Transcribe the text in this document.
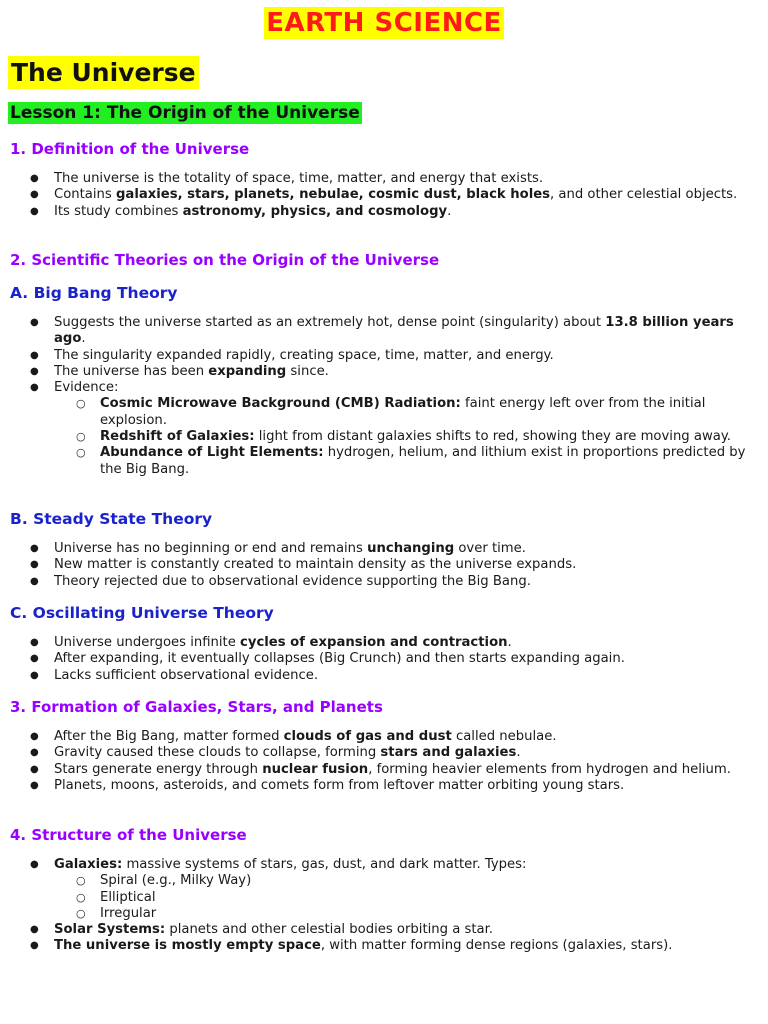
EARTH SCIENCE
The Universe
Lesson 1: The Origin of the Universe
1. Definition of the Universe
● The universe is the totality of space, time, matter, and energy that exists.
● Contains galaxies, stars, planets, nebulae, cosmic dust, black holes, and other celestial objects.
● Its study combines astronomy, physics, and cosmology.
2. Scientific Theories on the Origin of the Universe
A. Big Bang Theory
● Suggests the universe started as an extremely hot, dense point (singularity) about 13.8 billion years ago.
● The singularity expanded rapidly, creating space, time, matter, and energy.
● The universe has been expanding since.
● Evidence:
○ Cosmic Microwave Background (CMB) Radiation: faint energy left over from the initial explosion.
○ Redshift of Galaxies: light from distant galaxies shifts to red, showing they are moving away.
○ Abundance of Light Elements: hydrogen, helium, and lithium exist in proportions predicted by the Big Bang.
B. Steady State Theory
● Universe has no beginning or end and remains unchanging over time.
● New matter is constantly created to maintain density as the universe expands.
● Theory rejected due to observational evidence supporting the Big Bang.
C. Oscillating Universe Theory
● Universe undergoes infinite cycles of expansion and contraction.
● After expanding, it eventually collapses (Big Crunch) and then starts expanding again.
● Lacks sufficient observational evidence.
3. Formation of Galaxies, Stars, and Planets
● After the Big Bang, matter formed clouds of gas and dust called nebulae.
● Gravity caused these clouds to collapse, forming stars and galaxies.
● Stars generate energy through nuclear fusion, forming heavier elements from hydrogen and helium.
● Planets, moons, asteroids, and comets form from leftover matter orbiting young stars.
4. Structure of the Universe
● Galaxies: massive systems of stars, gas, dust, and dark matter. Types:
○ Spiral (e.g., Milky Way)
○ Elliptical
○ Irregular
● Solar Systems: planets and other celestial bodies orbiting a star.
● The universe is mostly empty space, with matter forming dense regions (galaxies, stars).
